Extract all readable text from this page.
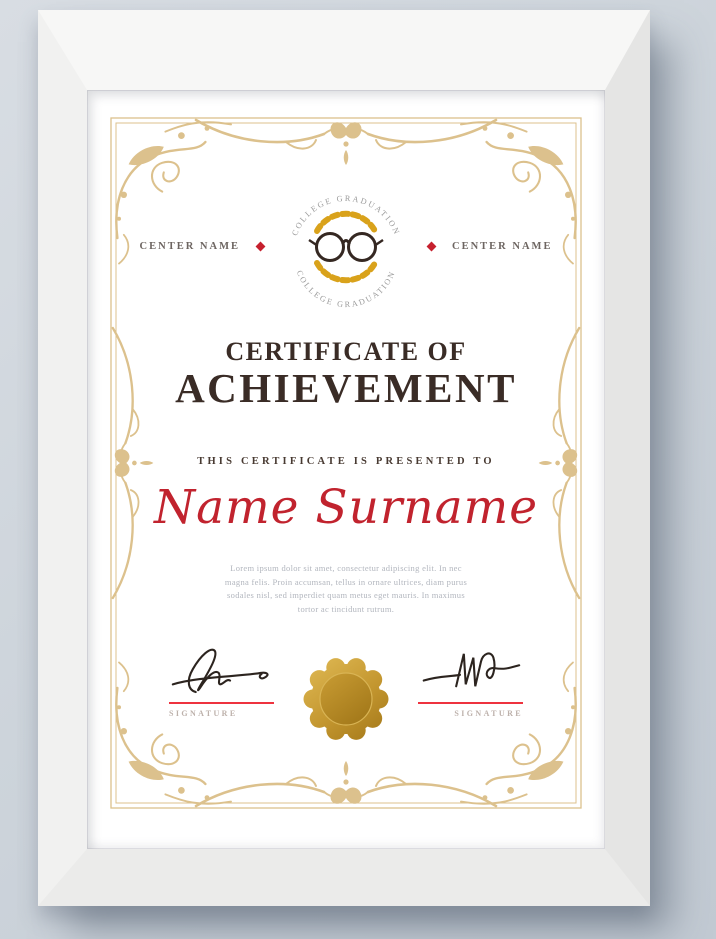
CENTER NAME
COLLEGE GRADUATION
COLLEGE GRADUATION
CENTER NAME
CERTIFICATE OF
ACHIEVEMENT
THIS CERTIFICATE IS PRESENTED TO
Name Surname
Lorem ipsum dolor sit amet, consectetur adipiscing elit. In nec magna felis. Proin accumsan, tellus in ornare ultrices, diam purus sodales nisl, sed imperdiet quam metus eget mauris. In maximus tortor ac tincidunt rutrum.
SIGNATURE	SIGNATURE
